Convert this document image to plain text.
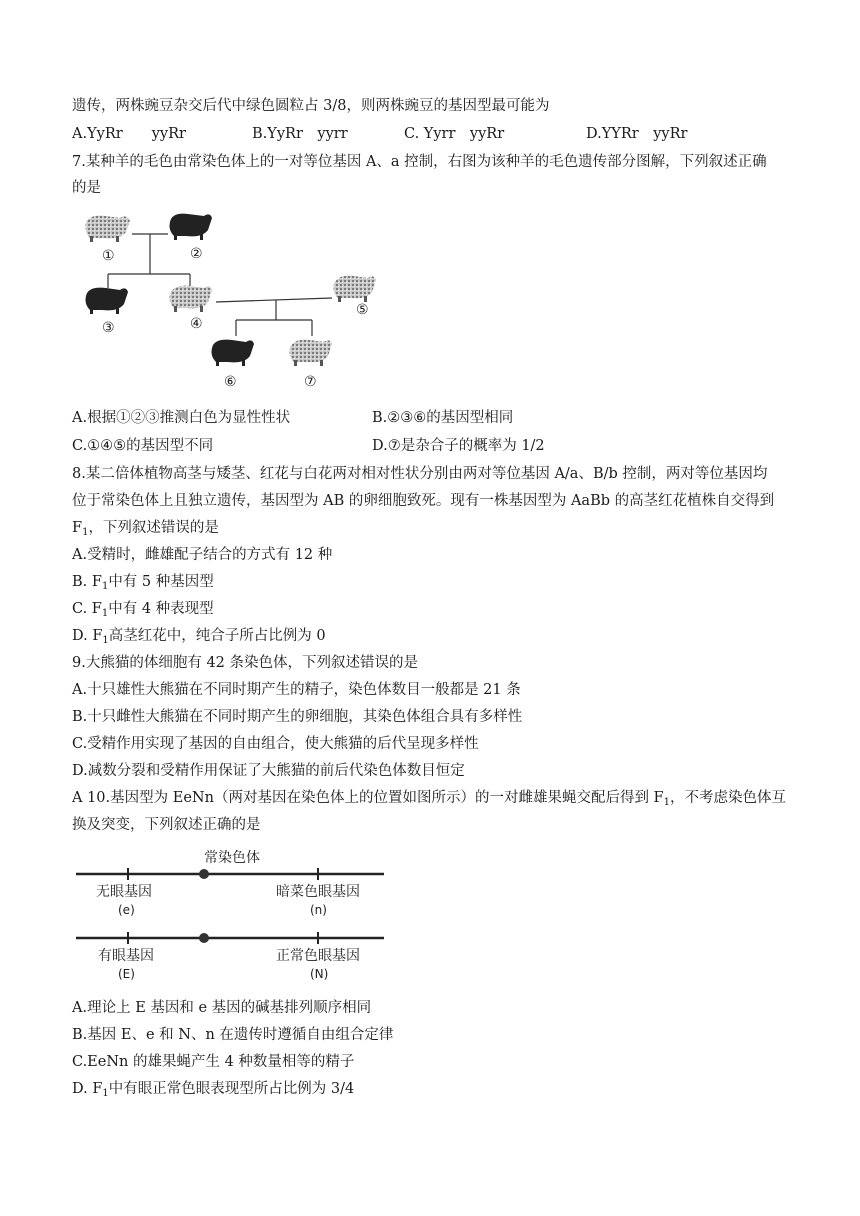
遗传，两株豌豆杂交后代中绿色圆粒占 3/8，则两株豌豆的基因型最可能为
A.YyRr　　yyRr	B.YyRr　yyrr	C. Yyrr　yyRr	D.YYRr　yyRr
7.某种羊的毛色由常染色体上的一对等位基因 A、a 控制，右图为该种羊的毛色遗传部分图解，下列叙述正确
的是
①	②
③	④
⑤
⑥	⑦
A.根据①②③推测白色为显性性状	B.②③⑥的基因型相同
C.①④⑤的基因型不同	D.⑦是杂合子的概率为 1/2
8.某二倍体植物高茎与矮茎、红花与白花两对相对性状分别由两对等位基因 A/a、B/b 控制，两对等位基因均
位于常染色体上且独立遗传，基因型为 AB 的卵细胞致死。现有一株基因型为 AaBb 的高茎红花植株自交得到
$F_1$，下列叙述错误的是
A.受精时，雌雄配子结合的方式有 12 种
B. $F_1$中有 5 种基因型
C. $F_1$中有 4 种表现型
D. $F_1$高茎红花中，纯合子所占比例为 0
9.大熊猫的体细胞有 42 条染色体，下列叙述错误的是
A.十只雄性大熊猫在不同时期产生的精子，染色体数目一般都是 21 条
B.十只雌性大熊猫在不同时期产生的卵细胞，其染色体组合具有多样性
C.受精作用实现了基因的自由组合，使大熊猫的后代呈现多样性
D.减数分裂和受精作用保证了大熊猫的前后代染色体数目恒定
A 10.基因型为 EeNn（两对基因在染色体上的位置如图所示）的一对雌雄果蝇交配后得到 $F_1$，不考虑染色体互
换及突变，下列叙述正确的是
常染色体
无眼基因
(e)
暗菜色眼基因
(n)
有眼基因
(E)
正常色眼基因
(N)
A.理论上 E 基因和 e 基因的碱基排列顺序相同
B.基因 E、e 和 N、n 在遗传时遵循自由组合定律
C.EeNn 的雄果蝇产生 4 种数量相等的精子
D. $F_1$中有眼正常色眼表现型所占比例为 3/4
